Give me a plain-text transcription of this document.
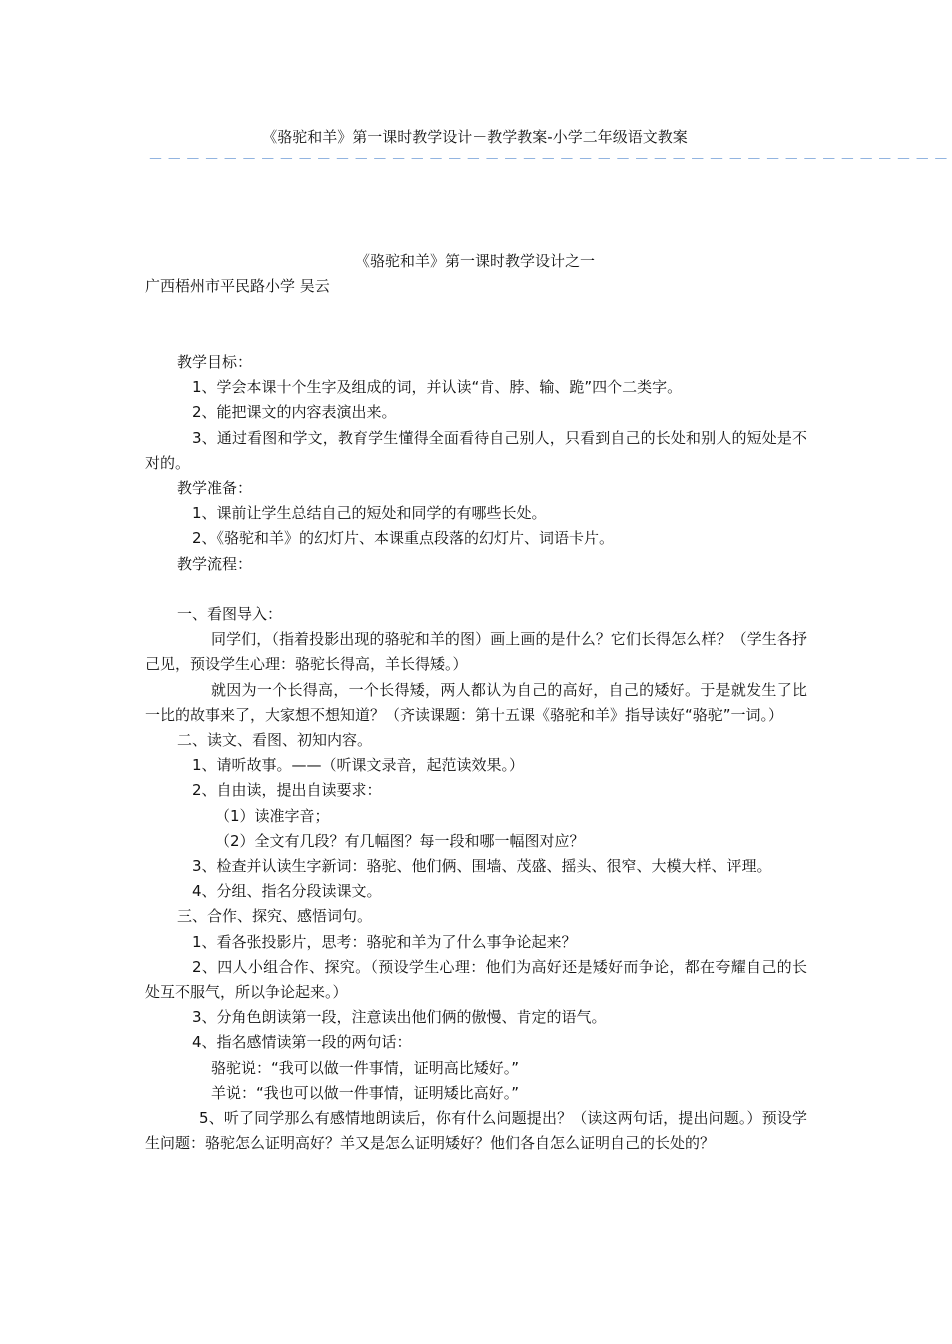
《骆驼和羊》第一课时教学设计－教学教案-小学二年级语文教案
－－－－－－－－－－－－－－－－－－－－－－－－－－－－－－－－－－－－－－－－－－－
《骆驼和羊》第一课时教学设计之一
广西梧州市平民路小学 吴云

教学目标：

1、学会本课十个生字及组成的词，并认读“肯、脖、输、跪”四个二类字。

2、能把课文的内容表演出来。

3、通过看图和学文，教育学生懂得全面看待自己别人，只看到自己的长处和别人的短处是不对的。

教学准备：

1、课前让学生总结自己的短处和同学的有哪些长处。

2、《骆驼和羊》的幻灯片、本课重点段落的幻灯片、词语卡片。

教学流程：

一、看图导入：

同学们，（指着投影出现的骆驼和羊的图）画上画的是什么？它们长得怎么样？（学生各抒己见，预设学生心理：骆驼长得高，羊长得矮。）

就因为一个长得高，一个长得矮，两人都认为自己的高好，自己的矮好。于是就发生了比一比的故事来了，大家想不想知道？（齐读课题：第十五课《骆驼和羊》指导读好“骆驼”一词。）

二、读文、看图、初知内容。

1、请听故事。——（听课文录音，起范读效果。）

2、自由读，提出自读要求：

（1）读准字音；

（2）全文有几段？有几幅图？每一段和哪一幅图对应？

3、检查并认读生字新词：骆驼、他们俩、围墙、茂盛、摇头、很窄、大模大样、评理。

4、分组、指名分段读课文。

三、合作、探究、感悟词句。

1、看各张投影片，思考：骆驼和羊为了什么事争论起来？

2、四人小组合作、探究。（预设学生心理：他们为高好还是矮好而争论，都在夸耀自己的长处互不服气，所以争论起来。）

3、分角色朗读第一段，注意读出他们俩的傲慢、肯定的语气。

4、指名感情读第一段的两句话：

骆驼说：“我可以做一件事情，证明高比矮好。”

羊说：“我也可以做一件事情，证明矮比高好。”

5、听了同学那么有感情地朗读后，你有什么问题提出？（读这两句话，提出问题。）预设学生问题：骆驼怎么证明高好？羊又是怎么证明矮好？他们各自怎么证明自己的长处的？
